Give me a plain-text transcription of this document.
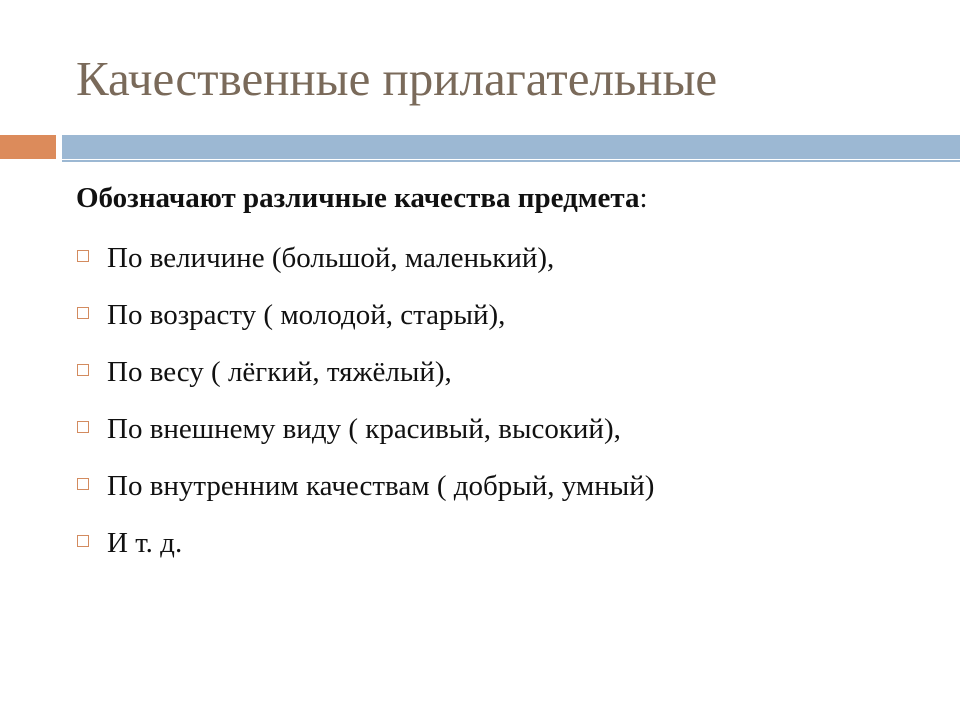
Качественные прилагательные

Обозначают различные качества предмета:

По величине (большой, маленький),
По возрасту ( молодой, старый),
По весу ( лёгкий, тяжёлый),
По внешнему виду ( красивый, высокий),
По внутренним качествам ( добрый, умный)
И т. д.
